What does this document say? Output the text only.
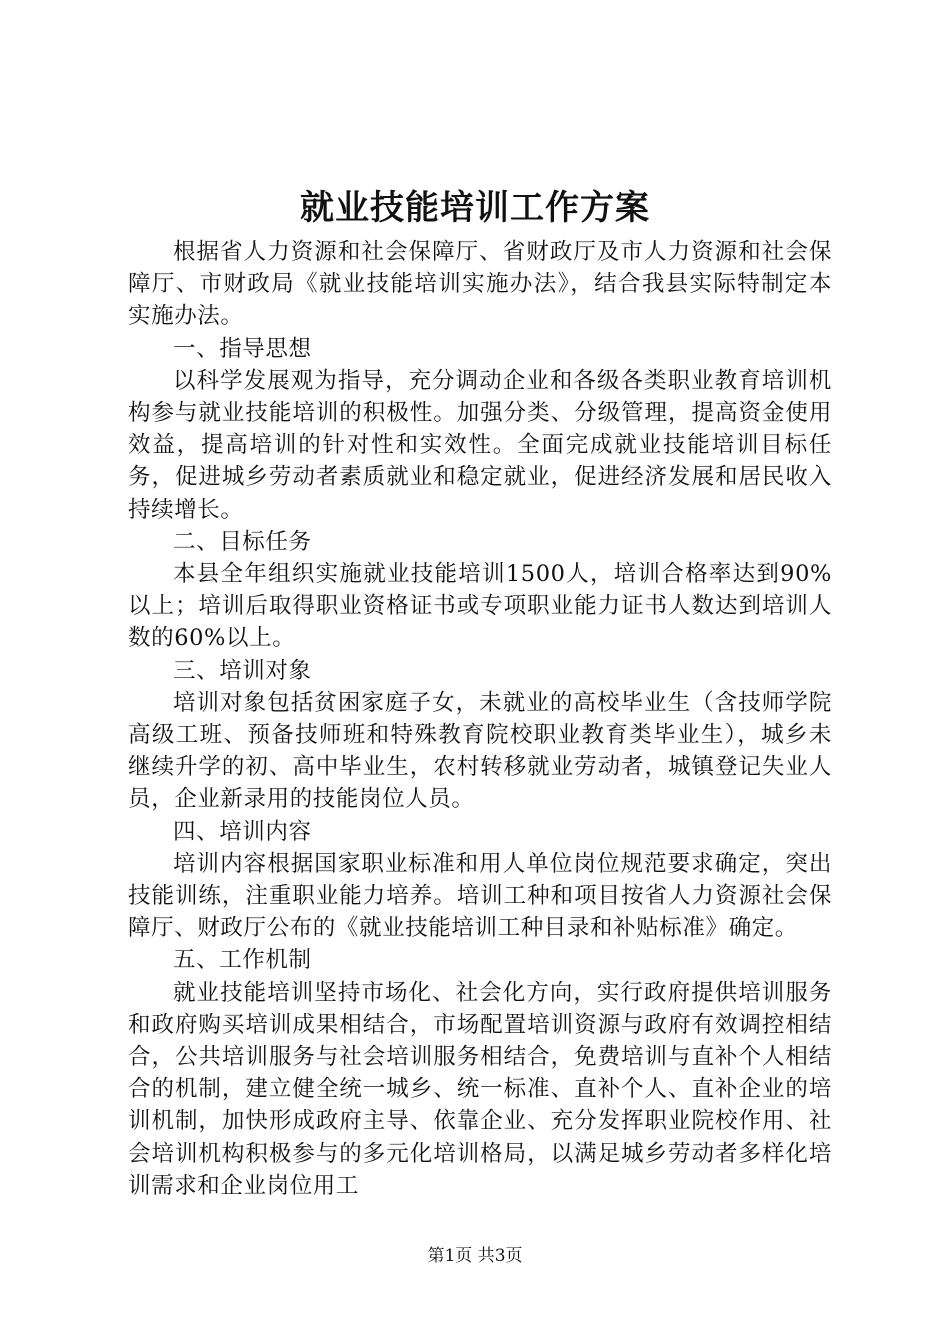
就业技能培训工作方案

根据省人力资源和社会保障厅、省财政厅及市人力资源和社会保障厅、市财政局《就业技能培训实施办法》，结合我县实际特制定本实施办法。

一、指导思想

以科学发展观为指导，充分调动企业和各级各类职业教育培训机构参与就业技能培训的积极性。加强分类、分级管理，提高资金使用效益，提高培训的针对性和实效性。全面完成就业技能培训目标任务，促进城乡劳动者素质就业和稳定就业，促进经济发展和居民收入持续增长。

二、目标任务

本县全年组织实施就业技能培训1500人，培训合格率达到90%以上；培训后取得职业资格证书或专项职业能力证书人数达到培训人数的60%以上。

三、培训对象

培训对象包括贫困家庭子女，未就业的高校毕业生（含技师学院高级工班、预备技师班和特殊教育院校职业教育类毕业生），城乡未继续升学的初、高中毕业生，农村转移就业劳动者，城镇登记失业人员，企业新录用的技能岗位人员。

四、培训内容

培训内容根据国家职业标准和用人单位岗位规范要求确定，突出技能训练，注重职业能力培养。培训工种和项目按省人力资源社会保障厅、财政厅公布的《就业技能培训工种目录和补贴标准》确定。

五、工作机制

就业技能培训坚持市场化、社会化方向，实行政府提供培训服务和政府购买培训成果相结合，市场配置培训资源与政府有效调控相结合，公共培训服务与社会培训服务相结合，免费培训与直补个人相结合的机制，建立健全统一城乡、统一标准、直补个人、直补企业的培训机制，加快形成政府主导、依靠企业、充分发挥职业院校作用、社会培训机构积极参与的多元化培训格局，以满足城乡劳动者多样化培训需求和企业岗位用工

第1页 共3页
